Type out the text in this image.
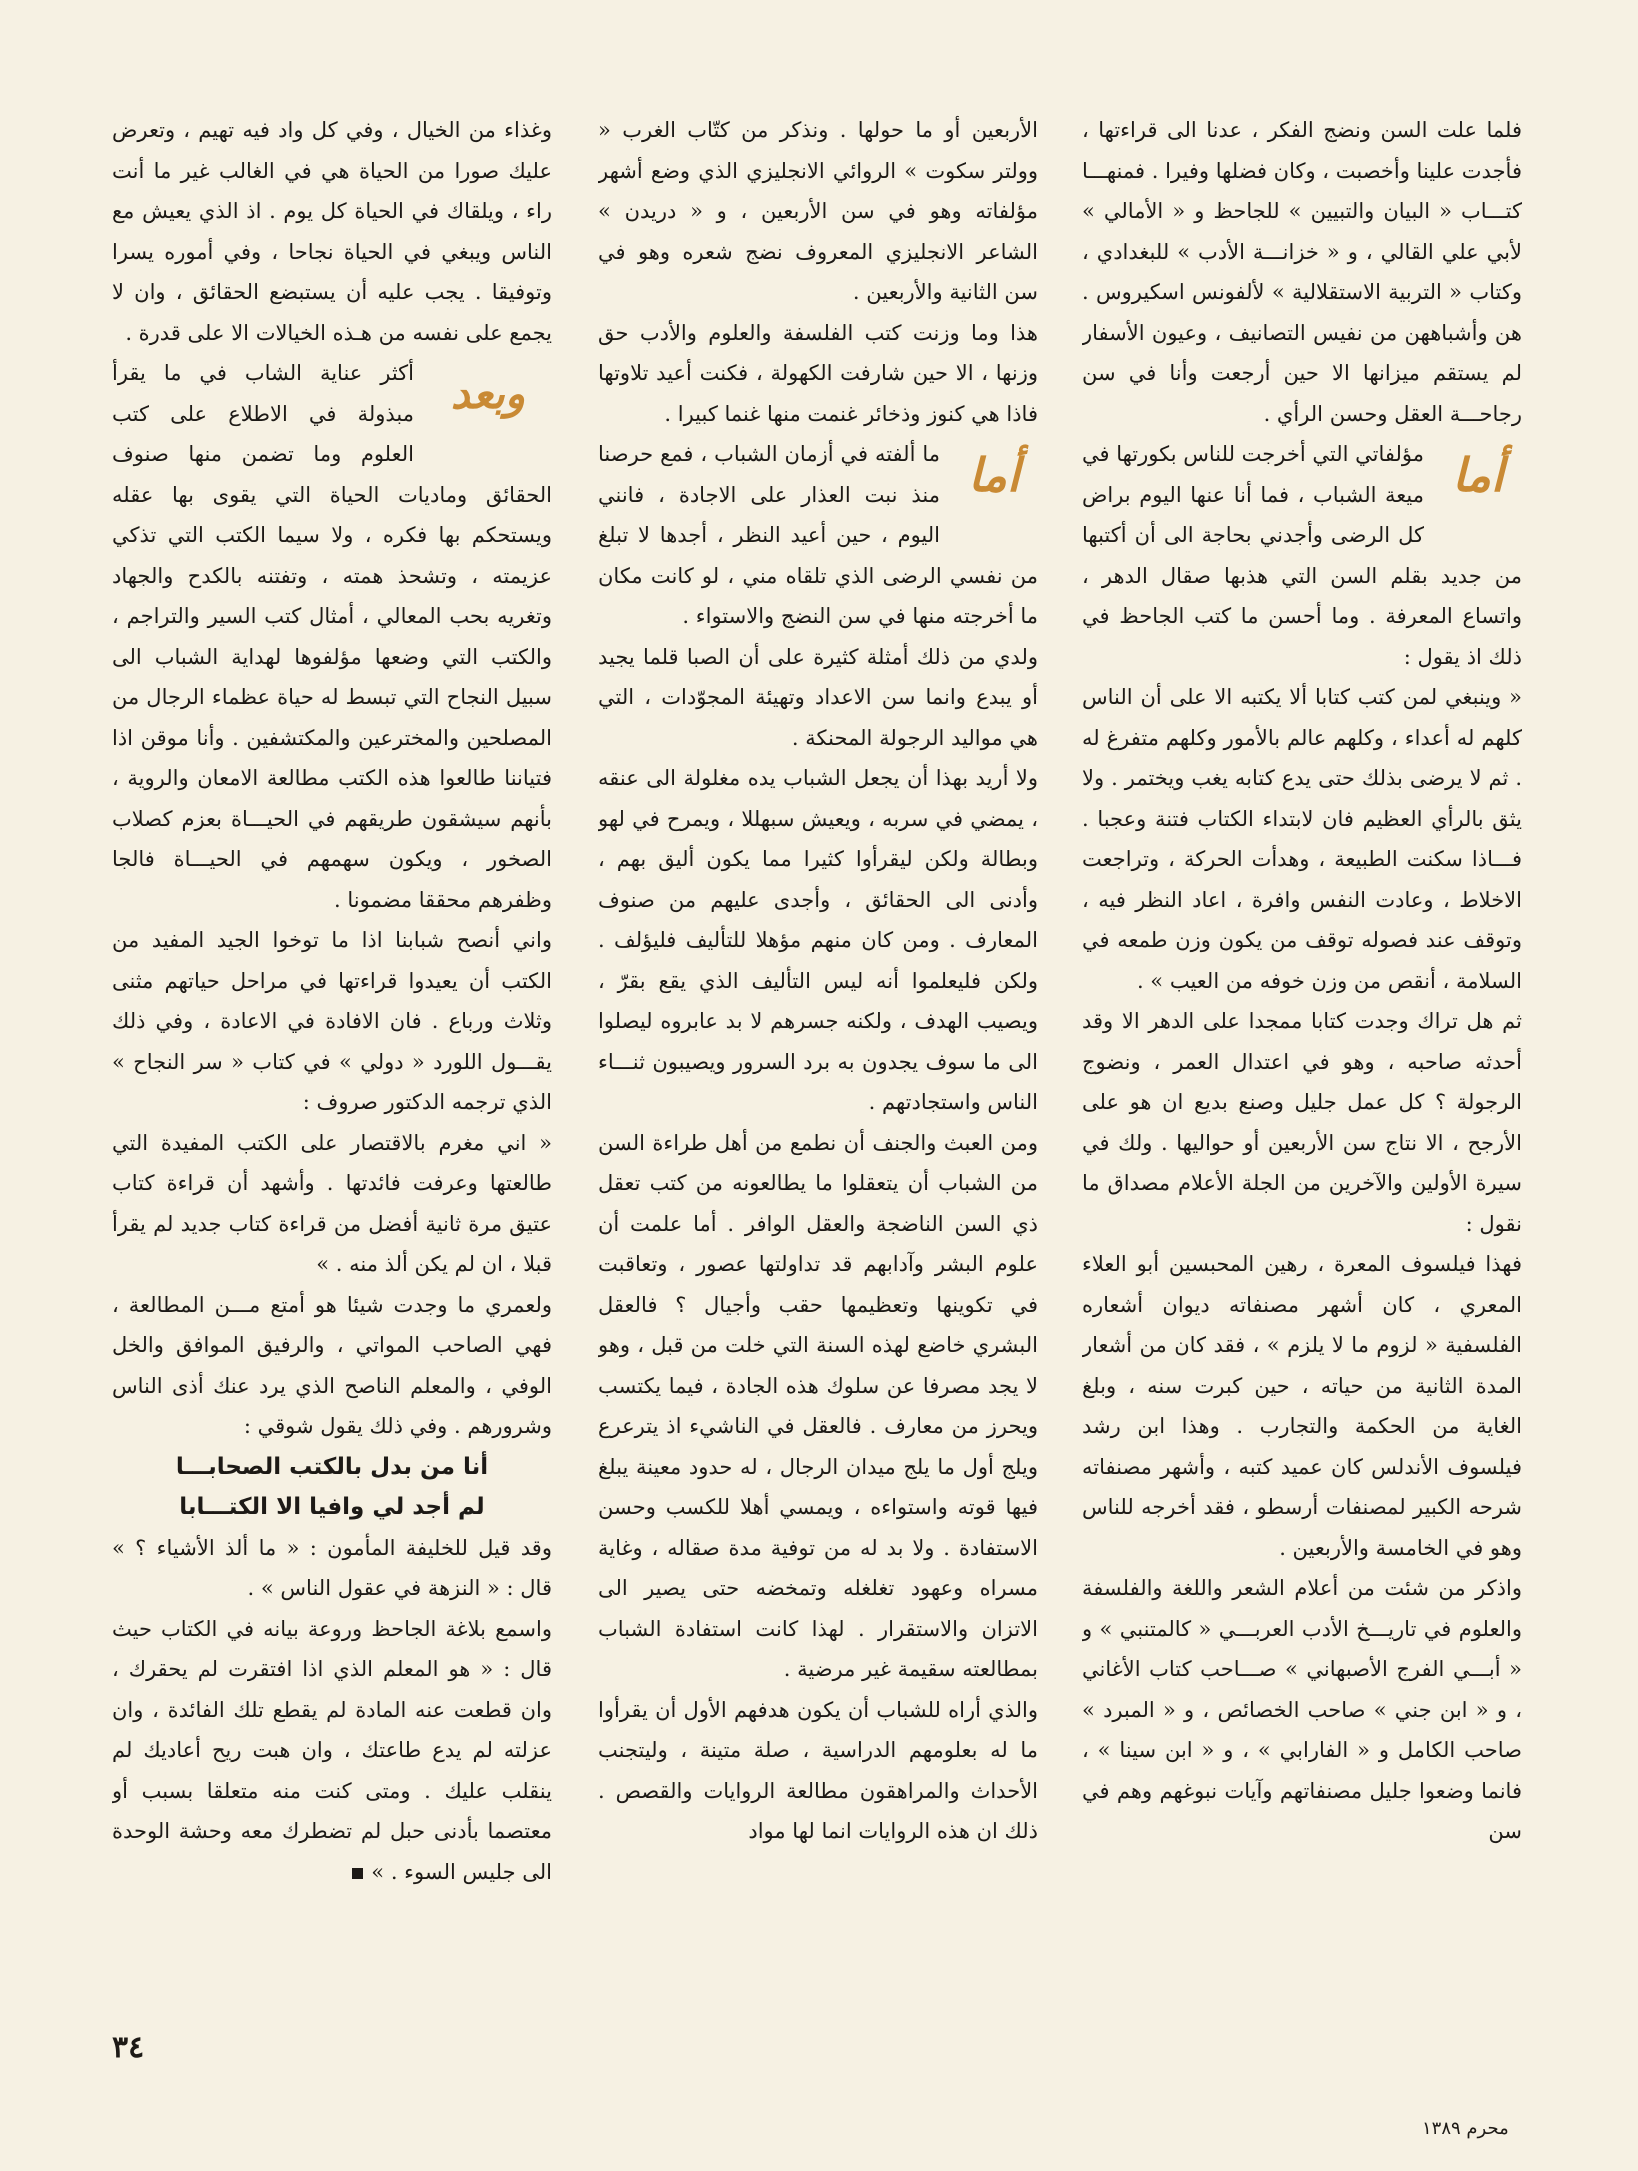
فلما علت السن ونضج الفكر ، عدنا الى قراءتها ، فأجدت علينا وأخصبت ، وكان فضلها وفيرا . فمنهـــا كتـــاب « البيان والتبيين » للجاحظ و « الأمالي » لأبي علي القالي ، و « خزانـــة الأدب » للبغدادي ، وكتاب « التربية الاستقلالية » لألفونس اسكيروس . هن وأشباههن من نفيس التصانيف ، وعيون الأسفار لم يستقم ميزانها الا حين أرجعت وأنا في سن رجاحـــة العقل وحسن الرأي .

أما
مؤلفاتي التي أخرجت للناس بكورتها في ميعة الشباب ، فما أنا عنها اليوم براض كل الرضى وأجدني بحاجة الى أن أكتبها من جديد بقلم السن التي هذبها صقال الدهر ، واتساع المعرفة . وما أحسن ما كتب الجاحظ في ذلك اذ يقول :

« وينبغي لمن كتب كتابا ألا يكتبه الا على أن الناس كلهم له أعداء ، وكلهم عالم بالأمور وكلهم متفرغ له . ثم لا يرضى بذلك حتى يدع كتابه يغب ويختمر . ولا يثق بالرأي العظيم فان لابتداء الكتاب فتنة وعجبا . فـــاذا سكنت الطبيعة ، وهدأت الحركة ، وتراجعت الاخلاط ، وعادت النفس وافرة ، اعاد النظر فيه ، وتوقف عند فصوله توقف من يكون وزن طمعه في السلامة ، أنقص من وزن خوفه من العيب » .

ثم هل تراك وجدت كتابا ممجدا على الدهر الا وقد أحدثه صاحبه ، وهو في اعتدال العمر ، ونضوج الرجولة ؟ كل عمل جليل وصنع بديع ان هو على الأرجح ، الا نتاج سن الأربعين أو حواليها . ولك في سيرة الأولين والآخرين من الجلة الأعلام مصداق ما نقول :

فهذا فيلسوف المعرة ، رهين المحبسين أبو العلاء المعري ، كان أشهر مصنفاته ديوان أشعاره الفلسفية « لزوم ما لا يلزم » ، فقد كان من أشعار المدة الثانية من حياته ، حين كبرت سنه ، وبلغ الغاية من الحكمة والتجارب . وهذا ابن رشد فيلسوف الأندلس كان عميد كتبه ، وأشهر مصنفاته شرحه الكبير لمصنفات أرسطو ، فقد أخرجه للناس وهو في الخامسة والأربعين .

واذكر من شئت من أعلام الشعر واللغة والفلسفة والعلوم في تاريـــخ الأدب العربـــي « كالمتنبي » و « أبـــي الفرج الأصبهاني » صـــاحب كتاب الأغاني ، و « ابن جني » صاحب الخصائص ، و « المبرد » صاحب الكامل و « الفارابي » ، و « ابن سينا » ، فانما وضعوا جليل مصنفاتهم وآيات نبوغهم وهم في سن

الأربعين أو ما حولها . ونذكر من كتّاب الغرب « وولتر سكوت » الروائي الانجليزي الذي وضع أشهر مؤلفاته وهو في سن الأربعين ، و « دريدن » الشاعر الانجليزي المعروف نضج شعره وهو في سن الثانية والأربعين .

هذا وما وزنت كتب الفلسفة والعلوم والأدب حق وزنها ، الا حين شارفت الكهولة ، فكنت أعيد تلاوتها فاذا هي كنوز وذخائر غنمت منها غنما كبيرا .

أما
ما ألفته في أزمان الشباب ، فمع حرصنا منذ نبت العذار على الاجادة ، فانني اليوم ، حين أعيد النظر ، أجدها لا تبلغ من نفسي الرضى الذي تلقاه مني ، لو كانت مكان ما أخرجته منها في سن النضج والاستواء .

ولدي من ذلك أمثلة كثيرة على أن الصبا قلما يجيد أو يبدع وانما سن الاعداد وتهيئة المجوّدات ، التي هي مواليد الرجولة المحنكة .

ولا أريد بهذا أن يجعل الشباب يده مغلولة الى عنقه ، يمضي في سربه ، ويعيش سبهللا ، ويمرح في لهو وبطالة ولكن ليقرأوا كثيرا مما يكون أليق بهم ، وأدنى الى الحقائق ، وأجدى عليهم من صنوف المعارف . ومن كان منهم مؤهلا للتأليف فليؤلف . ولكن فليعلموا أنه ليس التأليف الذي يقع بقرّ ، ويصيب الهدف ، ولكنه جسرهم لا بد عابروه ليصلوا الى ما سوف يجدون به برد السرور ويصيبون ثنـــاء الناس واستجادتهم .

ومن العبث والجنف أن نطمع من أهل طراءة السن من الشباب أن يتعقلوا ما يطالعونه من كتب تعقل ذي السن الناضجة والعقل الوافر . أما علمت أن علوم البشر وآدابهم قد تداولتها عصور ، وتعاقبت في تكوينها وتعظيمها حقب وأجيال ؟ فالعقل البشري خاضع لهذه السنة التي خلت من قبل ، وهو لا يجد مصرفا عن سلوك هذه الجادة ، فيما يكتسب ويحرز من معارف . فالعقل في الناشيء اذ يترعرع ويلج أول ما يلج ميدان الرجال ، له حدود معينة يبلغ فيها قوته واستواءه ، ويمسي أهلا للكسب وحسن الاستفادة . ولا بد له من توفية مدة صقاله ، وغاية مسراه وعهود تغلغله وتمخضه حتى يصير الى الاتزان والاستقرار . لهذا كانت استفادة الشباب بمطالعته سقيمة غير مرضية .

والذي أراه للشباب أن يكون هدفهم الأول أن يقرأوا ما له بعلومهم الدراسية ، صلة متينة ، وليتجنب الأحداث والمراهقون مطالعة الروايات والقصص . ذلك ان هذه الروايات انما لها مواد

وغذاء من الخيال ، وفي كل واد فيه تهيم ، وتعرض عليك صورا من الحياة هي في الغالب غير ما أنت راء ، ويلقاك في الحياة كل يوم . اذ الذي يعيش مع الناس ويبغي في الحياة نجاحا ، وفي أموره يسرا وتوفيقا . يجب عليه أن يستبضع الحقائق ، وان لا يجمع على نفسه من هـذه الخيالات الا على قدرة .

وبعد
أكثر عناية الشاب في ما يقرأ مبذولة في الاطلاع على كتب العلوم وما تضمن منها صنوف الحقائق وماديات الحياة التي يقوى بها عقله ويستحكم بها فكره ، ولا سيما الكتب التي تذكي عزيمته ، وتشحذ همته ، وتفتنه بالكدح والجهاد وتغريه بحب المعالي ، أمثال كتب السير والتراجم ، والكتب التي وضعها مؤلفوها لهداية الشباب الى سبيل النجاح التي تبسط له حياة عظماء الرجال من المصلحين والمخترعين والمكتشفين . وأنا موقن اذا فتياننا طالعوا هذه الكتب مطالعة الامعان والروية ، بأنهم سيشقون طريقهم في الحيـــاة بعزم كصلاب الصخور ، ويكون سهمهم في الحيـــاة فالجا وظفرهم محققا مضمونا .

واني أنصح شبابنا اذا ما توخوا الجيد المفيد من الكتب أن يعيدوا قراءتها في مراحل حياتهم مثنى وثلاث ورباع . فان الافادة في الاعادة ، وفي ذلك يقـــول اللورد « دولي » في كتاب « سر النجاح » الذي ترجمه الدكتور صروف :

« اني مغرم بالاقتصار على الكتب المفيدة التي طالعتها وعرفت فائدتها . وأشهد أن قراءة كتاب عتيق مرة ثانية أفضل من قراءة كتاب جديد لم يقرأ قبلا ، ان لم يكن ألذ منه . »

ولعمري ما وجدت شيئا هو أمتع مـــن المطالعة ، فهي الصاحب المواتي ، والرفيق الموافق والخل الوفي ، والمعلم الناصح الذي يرد عنك أذى الناس وشرورهم . وفي ذلك يقول شوقي :

أنا من بدل بالكتب الصحابـــا

لم أجد لي وافيا الا الكتـــابا

وقد قيل للخليفة المأمون : « ما ألذ الأشياء ؟ » قال : « النزهة في عقول الناس » .

واسمع بلاغة الجاحظ وروعة بيانه في الكتاب حيث قال : « هو المعلم الذي اذا افتقرت لم يحقرك ، وان قطعت عنه المادة لم يقطع تلك الفائدة ، وان عزلته لم يدع طاعتك ، وان هبت ريح أعاديك لم ينقلب عليك . ومتى كنت منه متعلقا بسبب أو معتصما بأدنى حبل لم تضطرك معه وحشة الوحدة الى جليس السوء . »

٣٤
محرم ١٣٨٩
